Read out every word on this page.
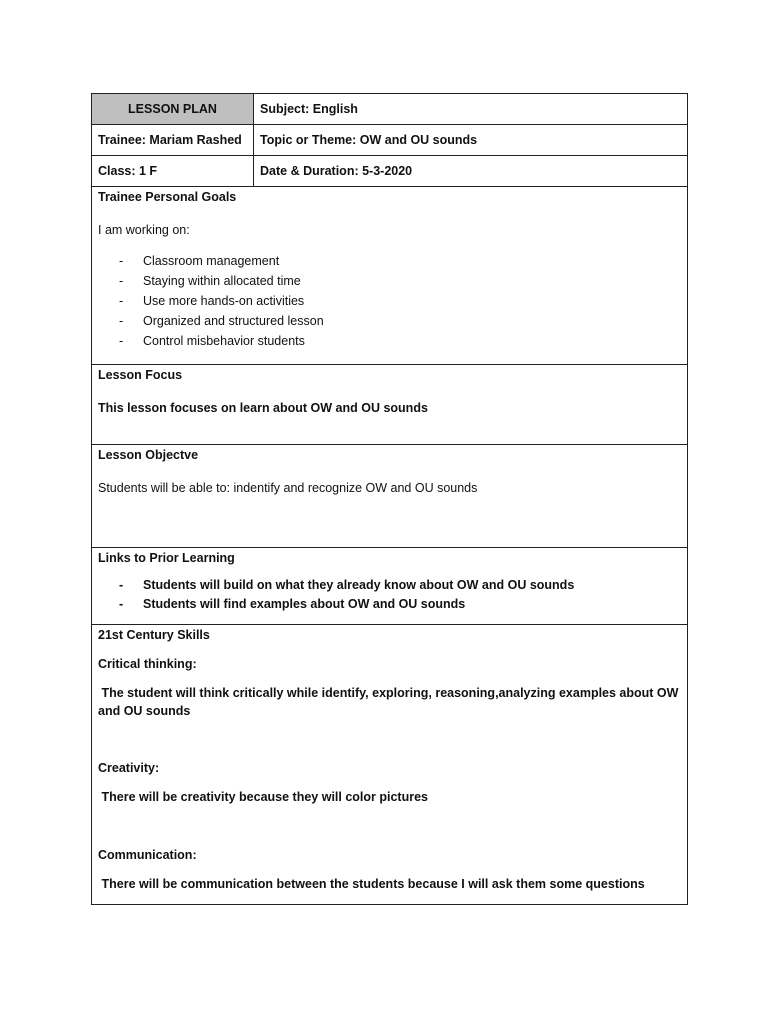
LESSON PLAN	Subject: English
Trainee: Mariam Rashed	Topic or Theme: OW and OU sounds
Class: 1 F	Date & Duration: 5-3-2020
Trainee Personal Goals
I am working on:
- Classroom management
- Staying within allocated time
- Use more hands-on activities
- Organized and structured lesson
- Control misbehavior students
Lesson Focus
This lesson focuses on learn about OW and OU sounds
Lesson Objectve
Students will be able to: indentify and recognize OW and OU sounds
Links to Prior Learning
- Students will build on what they already know about OW and OU sounds
- Students will find examples about OW and OU sounds
21st Century Skills
Critical thinking:
The student will think critically while identify, exploring, reasoning,analyzing examples about OW and OU sounds
Creativity:
There will be creativity because they will color pictures
Communication:
There will be communication between the students because I will ask them some questions
